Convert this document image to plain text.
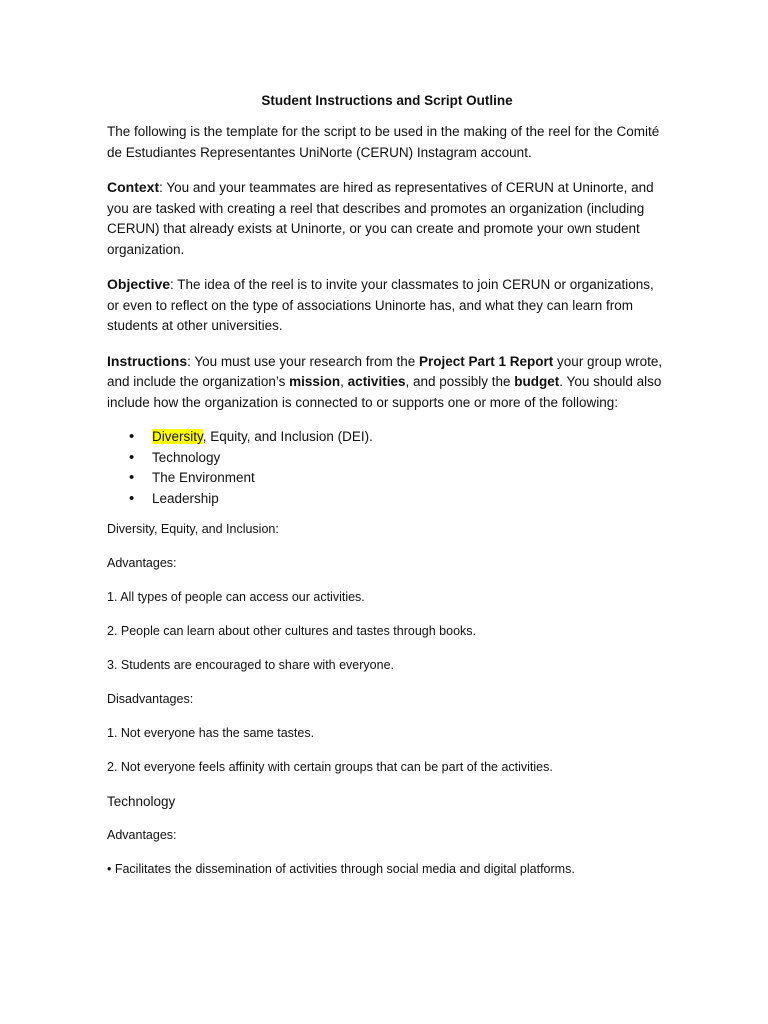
Student Instructions and Script Outline

The following is the template for the script to be used in the making of the reel for the Comité de Estudiantes Representantes UniNorte (CERUN) Instagram account.

Context: You and your teammates are hired as representatives of CERUN at Uninorte, and you are tasked with creating a reel that describes and promotes an organization (including CERUN) that already exists at Uninorte, or you can create and promote your own student organization.

Objective: The idea of the reel is to invite your classmates to join CERUN or organizations, or even to reflect on the type of associations Uninorte has, and what they can learn from students at other universities.

Instructions: You must use your research from the Project Part 1 Report your group wrote, and include the organization’s mission, activities, and possibly the budget. You should also include how the organization is connected to or supports one or more of the following:

• Diversity, Equity, and Inclusion (DEI).
• Technology
• The Environment
• Leadership

Diversity, Equity, and Inclusion:

Advantages:

1. All types of people can access our activities.

2. People can learn about other cultures and tastes through books.

3. Students are encouraged to share with everyone.

Disadvantages:

1. Not everyone has the same tastes.

2. Not everyone feels affinity with certain groups that can be part of the activities.

Technology

Advantages:

• Facilitates the dissemination of activities through social media and digital platforms.
